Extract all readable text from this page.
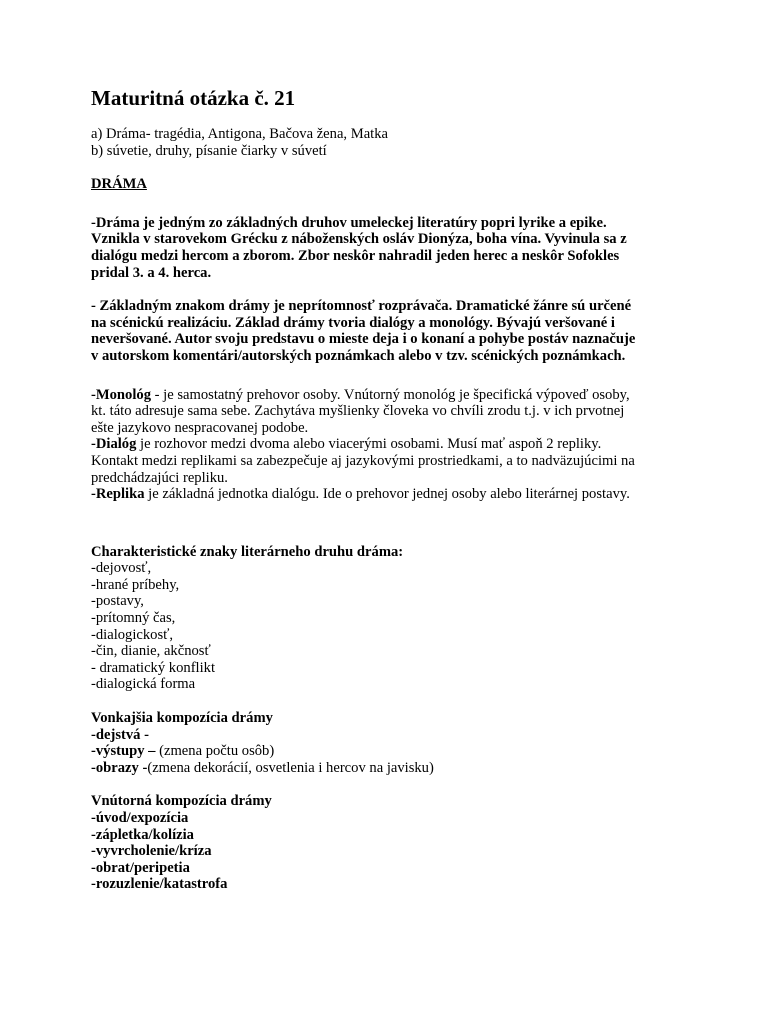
Maturitná otázka č. 21
a) Dráma- tragédia, Antigona, Bačova žena, Matka
b) súvetie, druhy, písanie čiarky v súvetí
DRÁMA
-Dráma je jedným zo základných druhov umeleckej literatúry popri lyrike a epike.
Vznikla v starovekom Grécku z náboženských osláv Dionýza, boha vína. Vyvinula sa z
dialógu medzi hercom a zborom. Zbor neskôr nahradil jeden herec a neskôr Sofokles
pridal 3. a 4. herca.
- Základným znakom drámy je neprítomnosť rozprávača. Dramatické žánre sú určené
na scénickú realizáciu. Základ drámy tvoria dialógy a monológy. Bývajú veršované i
neveršované. Autor svoju predstavu o mieste deja i o konaní a pohybe postáv naznačuje
v autorskom komentári/autorských poznámkach alebo v tzv. scénických poznámkach.
-Monológ - je samostatný prehovor osoby. Vnútorný monológ je špecifická výpoveď osoby,
kt. táto adresuje sama sebe. Zachytáva myšlienky človeka vo chvíli zrodu t.j. v ich prvotnej
ešte jazykovo nespracovanej podobe.
-Dialóg je rozhovor medzi dvoma alebo viacerými osobami. Musí mať aspoň 2 repliky.
Kontakt medzi replikami sa zabezpečuje aj jazykovými prostriedkami, a to nadväzujúcimi na
predchádzajúci repliku.
-Replika je základná jednotka dialógu. Ide o prehovor jednej osoby alebo literárnej postavy.
Charakteristické znaky literárneho druhu dráma:
-dejovosť,
-hrané príbehy,
-postavy,
-prítomný čas,
-dialogickosť,
-čin, dianie, akčnosť
- dramatický konflikt
-dialogická forma
Vonkajšia kompozícia drámy
-dejstvá -
-výstupy – (zmena počtu osôb)
-obrazy -(zmena dekorácií, osvetlenia i hercov na javisku)
Vnútorná kompozícia drámy
-úvod/expozícia
-zápletka/kolízia
-vyvrcholenie/kríza
-obrat/peripetia
-rozuzlenie/katastrofa
